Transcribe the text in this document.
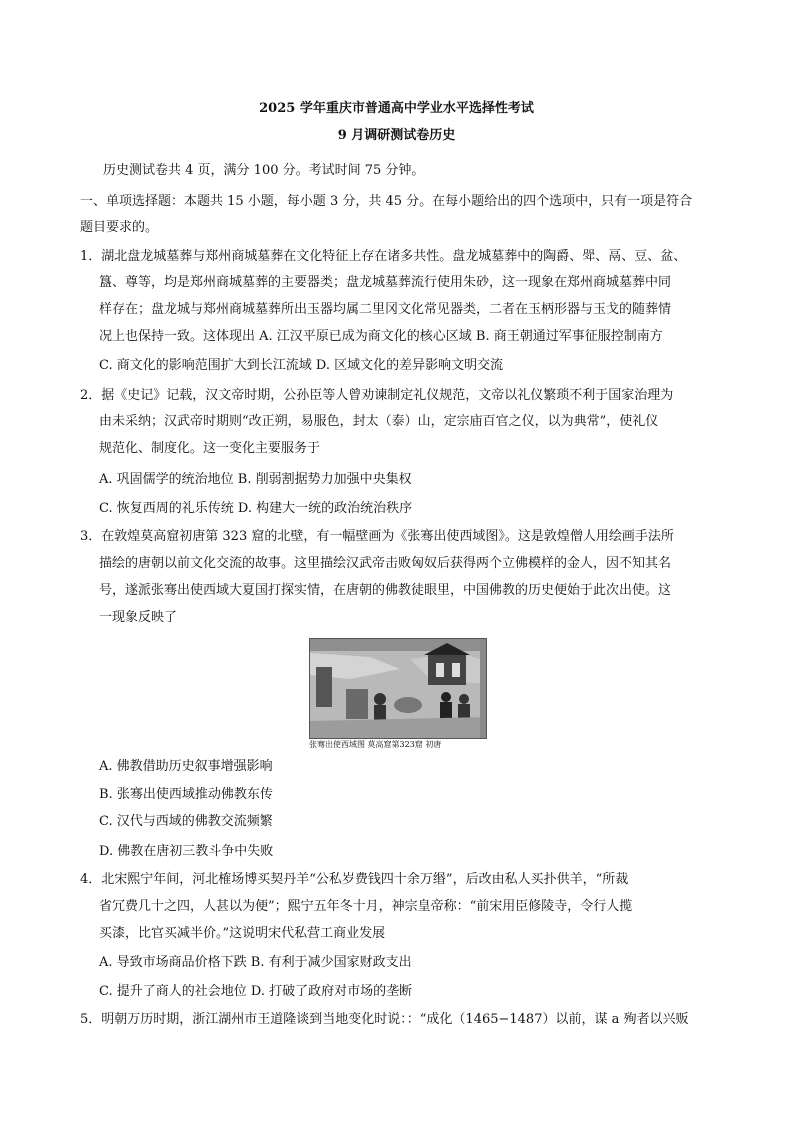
2025 学年重庆市普通高中学业水平选择性考试
9 月调研测试卷历史
历史测试卷共 4 页，满分 100 分。考试时间 75 分钟。
一、单项选择题：本题共 15 小题，每小题 3 分，共 45 分。在每小题给出的四个选项中，只有一项是符合
题目要求的。
1．湖北盘龙城墓葬与郑州商城墓葬在文化特征上存在诸多共性。盘龙城墓葬中的陶爵、斝、鬲、豆、盆、
簋、尊等，均是郑州商城墓葬的主要器类；盘龙城墓葬流行使用朱砂，这一现象在郑州商城墓葬中同
样存在；盘龙城与郑州商城墓葬所出玉器均属二里冈文化常见器类，二者在玉柄形器与玉戈的随葬情
况上也保持一致。这体现出 A. 江汉平原已成为商文化的核心区域 B. 商王朝通过军事征服控制南方
C. 商文化的影响范围扩大到长江流域 D. 区域文化的差异影响文明交流
2．据《史记》记载，汉文帝时期，公孙臣等人曾劝谏制定礼仪规范，文帝以礼仪繁琐不利于国家治理为
由未采纳；汉武帝时期则“改正朔，易服色，封太（泰）山，定宗庙百官之仪，以为典常”，使礼仪
规范化、制度化。这一变化主要服务于
A. 巩固儒学的统治地位 B. 削弱割据势力加强中央集权
C. 恢复西周的礼乐传统 D. 构建大一统的政治统治秩序
3．在敦煌莫高窟初唐第 323 窟的北壁，有一幅壁画为《张骞出使西域图》。这是敦煌僧人用绘画手法所
描绘的唐朝以前文化交流的故事。这里描绘汉武帝击败匈奴后获得两个立佛模样的金人，因不知其名
号，遂派张骞出使西域大夏国打探实情，在唐朝的佛教徒眼里，中国佛教的历史便始于此次出使。这
一现象反映了
张骞出使西域图 莫高窟第323窟 初唐
A. 佛教借助历史叙事增强影响
B. 张骞出使西域推动佛教东传
C. 汉代与西域的佛教交流频繁
D. 佛教在唐初三教斗争中失败
4．北宋熙宁年间，河北榷场博买契丹羊“公私岁费钱四十余万缗”，后改由私人买扑供羊，“所裁
省冗费几十之四，人甚以为便”；熙宁五年冬十月，神宗皇帝称：“前宋用臣修陵寺，令行人揽
买漆，比官买减半价。”这说明宋代私营工商业发展
A. 导致市场商品价格下跌 B. 有利于减少国家财政支出
C. 提升了商人的社会地位 D. 打破了政府对市场的垄断
5．明朝万历时期，浙江湖州市王道隆谈到当地变化时说：：“成化（1465−1487）以前，谋 a 殉者以兴贩
